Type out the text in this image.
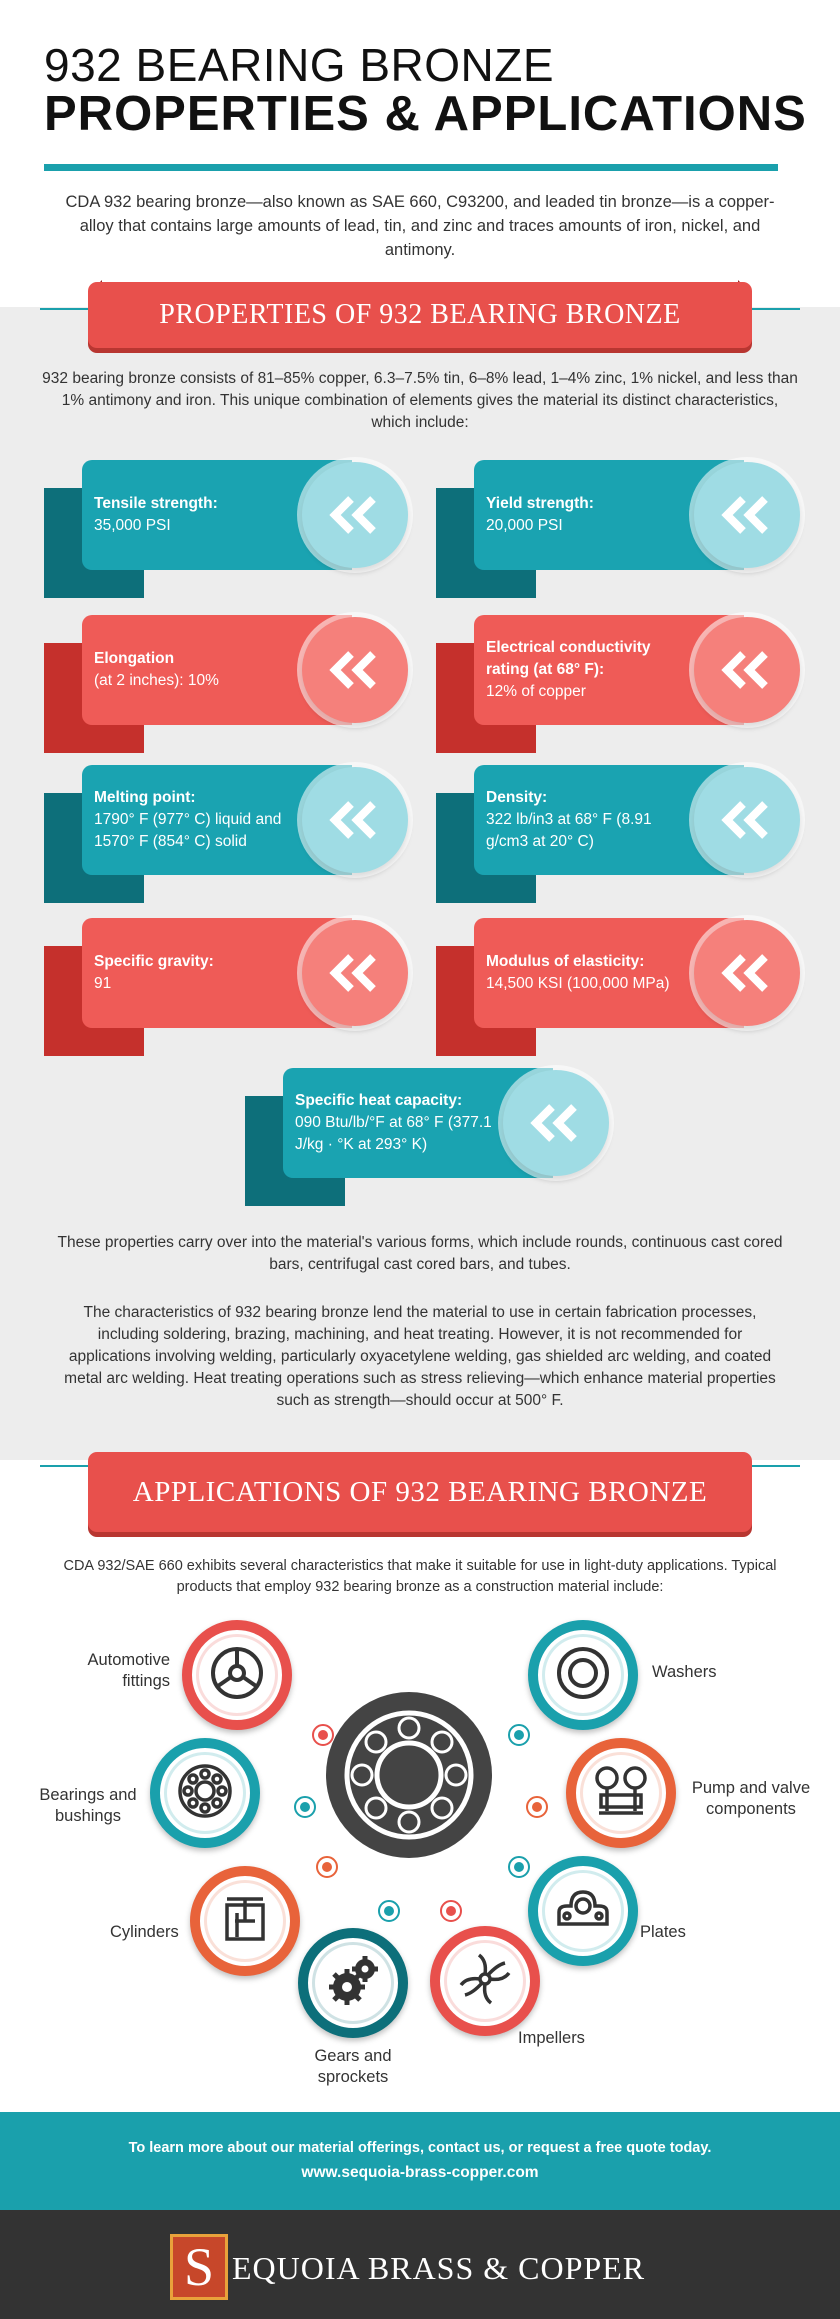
932 BEARING BRONZE
PROPERTIES & APPLICATIONS
CDA 932 bearing bronze—also known as SAE 660, C93200, and leaded tin bronze—is a copper-alloy that contains large amounts of lead, tin, and zinc and traces amounts of iron, nickel, and antimony.
PROPERTIES OF 932 BEARING BRONZE
932 bearing bronze consists of 81–85% copper, 6.3–7.5% tin, 6–8% lead, 1–4% zinc, 1% nickel, and less than 1% antimony and iron. This unique combination of elements gives the material its distinct characteristics, which include:
Tensile strength:
35,000 PSI
Yield strength:
20,000 PSI
Elongation
(at 2 inches): 10%
Electrical conductivity rating (at 68° F):
12% of copper
Melting point:
1790° F (977° C) liquid and 1570° F (854° C) solid
Density:
322 lb/in3 at 68° F (8.91 g/cm3 at 20° C)
Specific gravity:
91
Modulus of elasticity:
14,500 KSI (100,000 MPa)
Specific heat capacity:
090 Btu/lb/°F at 68° F (377.1 J/kg · °K at 293° K)
These properties carry over into the material's various forms, which include rounds, continuous cast cored bars, centrifugal cast cored bars, and tubes.
The characteristics of 932 bearing bronze lend the material to use in certain fabrication processes, including soldering, brazing, machining, and heat treating. However, it is not recommended for applications involving welding, particularly oxyacetylene welding, gas shielded arc welding, and coated metal arc welding. Heat treating operations such as stress relieving—which enhance material properties such as strength—should occur at 500° F.
APPLICATIONS OF 932 BEARING BRONZE
CDA 932/SAE 660 exhibits several characteristics that make it suitable for use in light-duty applications. Typical products that employ 932 bearing bronze as a construction material include:
Automotive fittings	Washers
Bearings and bushings
Pump and valve components
Cylinders	Plates
Gears and sprockets
Impellers
To learn more about our material offerings, contact us, or request a free quote today.
www.sequoia-brass-copper.com
S EQUOIA BRASS & COPPER
